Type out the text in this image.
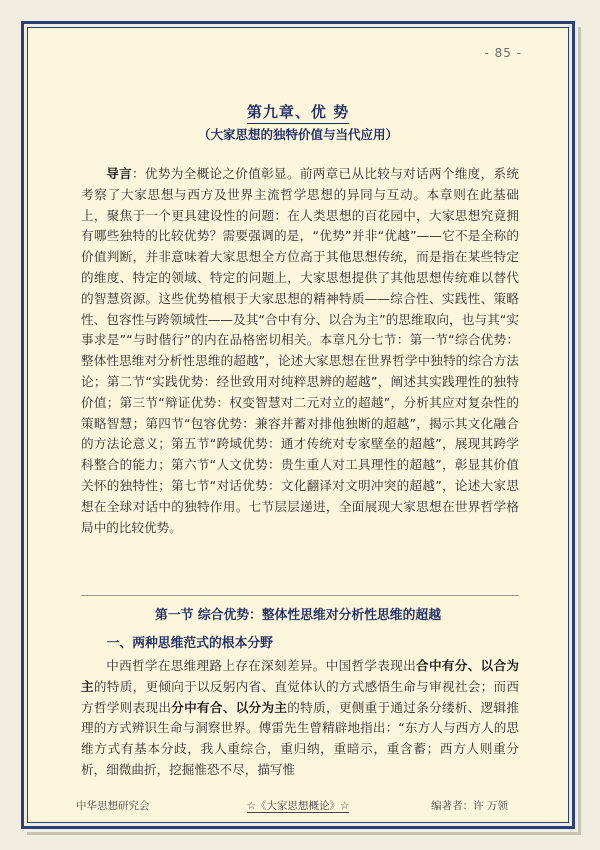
- 85 -
第九章、优 势
（大家思想的独特价值与当代应用）

导言：优势为全概论之价值彰显。前两章已从比较与对话两个维度，系统考察了大家思想与西方及世界主流哲学思想的异同与互动。本章则在此基础上，聚焦于一个更具建设性的问题：在人类思想的百花园中，大家思想究竟拥有哪些独特的比较优势？需要强调的是，“优势”并非“优越”——它不是全称的价值判断，并非意味着大家思想全方位高于其他思想传统，而是指在某些特定的维度、特定的领域、特定的问题上，大家思想提供了其他思想传统难以替代的智慧资源。这些优势植根于大家思想的精神特质——综合性、实践性、策略性、包容性与跨领域性——及其“合中有分、以合为主”的思维取向，也与其“实事求是”“与时偕行”的内在品格密切相关。本章凡分七节：第一节“综合优势：整体性思维对分析性思维的超越”，论述大家思想在世界哲学中独特的综合方法论；第二节“实践优势：经世致用对纯粹思辨的超越”，阐述其实践理性的独特价值；第三节“辩证优势：权变智慧对二元对立的超越”，分析其应对复杂性的策略智慧；第四节“包容优势：兼容并蓄对排他独断的超越”，揭示其文化融合的方法论意义；第五节“跨域优势：通才传统对专家壁垒的超越”，展现其跨学科整合的能力；第六节“人文优势：贵生重人对工具理性的超越”，彰显其价值关怀的独特性；第七节“对话优势：文化翻译对文明冲突的超越”，论述大家思想在全球对话中的独特作用。七节层层递进，全面展现大家思想在世界哲学格局中的比较优势。

第一节 综合优势：整体性思维对分析性思维的超越
一、两种思维范式的根本分野

中西哲学在思维理路上存在深刻差异。中国哲学表现出合中有分、以合为主的特质，更倾向于以反躬内省、直觉体认的方式感悟生命与审视社会；而西方哲学则表现出分中有合、以分为主的特质，更侧重于通过条分缕析、逻辑推理的方式辨识生命与洞察世界。傅雷先生曾精辟地指出：“东方人与西方人的思维方式有基本分歧，我人重综合，重归纳，重暗示，重含蓄；西方人则重分析，细微曲折，挖掘惟恐不尽，描写惟

中华思想研究会	☆《大家思想概论》☆	编著者：许 万领
